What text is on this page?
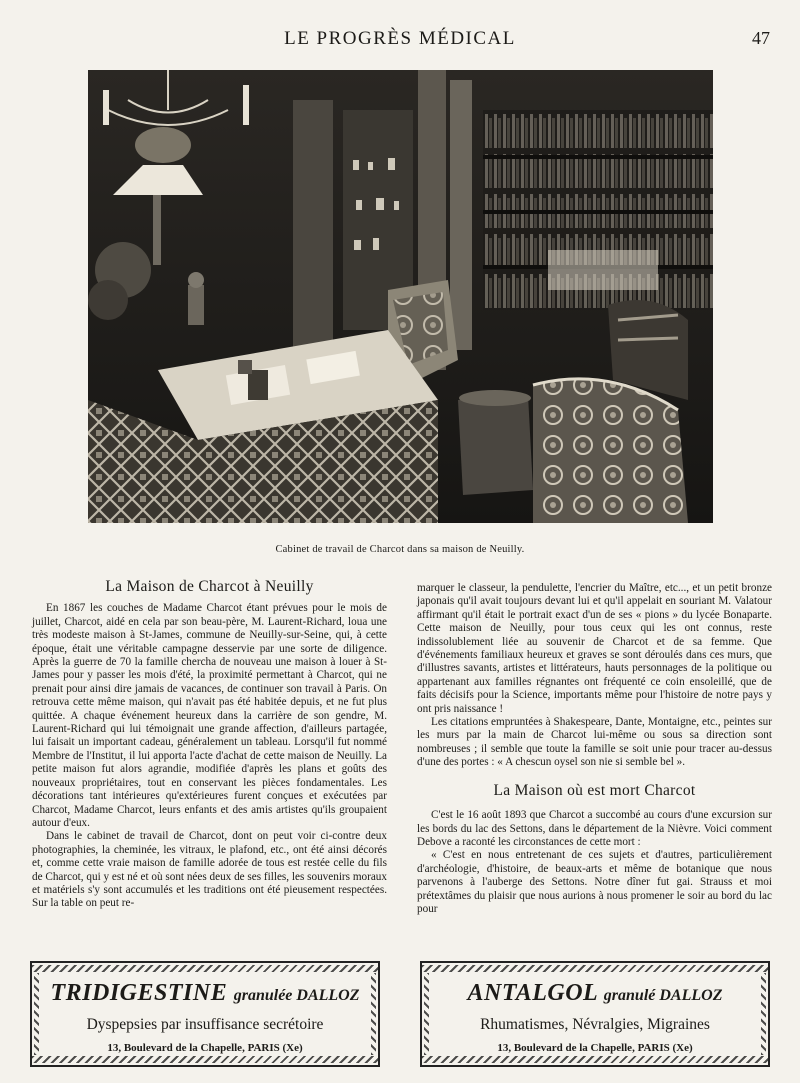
LE PROGRÈS MÉDICAL	47
Cabinet de travail de Charcot dans sa maison de Neuilly.
La Maison de Charcot à Neuilly

En 1867 les couches de Madame Charcot étant prévues pour le mois de juillet, Charcot, aidé en cela par son beau-père, M. Laurent-Richard, loua une très modeste maison à St-James, commune de Neuilly-sur-Seine, qui, à cette époque, était une véritable campagne desservie par une sorte de diligence. Après la guerre de 70 la famille chercha de nouveau une maison à louer à St-James pour y passer les mois d'été, la proximité permettant à Charcot, qui ne prenait pour ainsi dire jamais de vacances, de continuer son travail à Paris. On retrouva cette même maison, qui n'avait pas été habitée depuis, et ne fut plus quittée. A chaque événement heureux dans la carrière de son gendre, M. Laurent-Richard qui lui témoignait une grande affection, d'ailleurs partagée, lui faisait un important cadeau, généralement un tableau. Lorsqu'il fut nommé Membre de l'Institut, il lui apporta l'acte d'achat de cette maison de Neuilly. La petite maison fut alors agrandie, modifiée d'après les plans et goûts des nouveaux propriétaires, tout en conservant les pièces fondamentales. Les décorations tant intérieures qu'extérieures furent conçues et exécutées par Charcot, Madame Charcot, leurs enfants et des amis artistes qu'ils groupaient autour d'eux.

Dans le cabinet de travail de Charcot, dont on peut voir ci-contre deux photographies, la cheminée, les vitraux, le plafond, etc., ont été ainsi décorés et, comme cette vraie maison de famille adorée de tous est restée celle du fils de Charcot, qui y est né et où sont nées deux de ses filles, les souvenirs moraux et matériels s'y sont accumulés et les traditions ont été pieusement respectées. Sur la table on peut re-

marquer le classeur, la pendulette, l'encrier du Maître, etc..., et un petit bronze japonais qu'il avait toujours devant lui et qu'il appelait en souriant M. Valatour affirmant qu'il était le portrait exact d'un de ses « pions » du lycée Bonaparte. Cette maison de Neuilly, pour tous ceux qui les ont connus, reste indissolublement liée au souvenir de Charcot et de sa femme. Que d'événements familiaux heureux et graves se sont déroulés dans ces murs, que d'illustres savants, artistes et littérateurs, hauts personnages de la politique ou appartenant aux familles régnantes ont fréquenté ce coin ensoleillé, que de faits décisifs pour la Science, importants même pour l'histoire de notre pays y ont pris naissance !

Les citations empruntées à Shakespeare, Dante, Montaigne, etc., peintes sur les murs par la main de Charcot lui-même ou sous sa direction sont nombreuses ; il semble que toute la famille se soit unie pour tracer au-dessus d'une des portes : « A chescun oysel son nie si semble bel ».

La Maison où est mort Charcot

C'est le 16 août 1893 que Charcot a succombé au cours d'une excursion sur les bords du lac des Settons, dans le département de la Nièvre. Voici comment Debove a raconté les circonstances de cette mort :

« C'est en nous entretenant de ces sujets et d'autres, particulièrement d'archéologie, d'histoire, de beaux-arts et même de botanique que nous parvenons à l'auberge des Settons. Notre dîner fut gai. Strauss et moi prétextâmes du plaisir que nous aurions à nous promener le soir au bord du lac pour

TRIDIGESTINE granulée DALLOZ
Dyspepsies par insuffisance secrétoire
13, Boulevard de la Chapelle, PARIS (Xe)
ANTALGOL granulé DALLOZ
Rhumatismes, Névralgies, Migraines
13, Boulevard de la Chapelle, PARIS (Xe)
